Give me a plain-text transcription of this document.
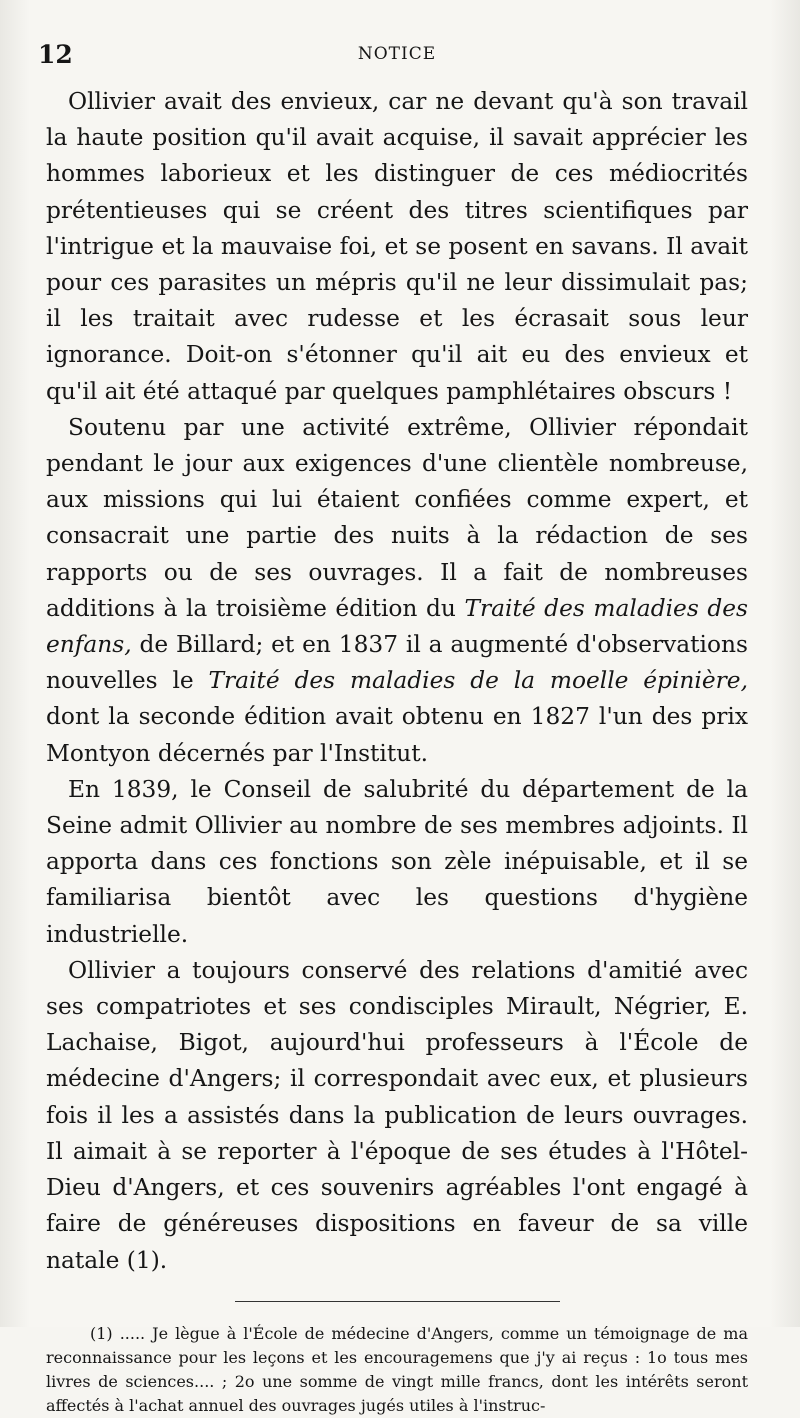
12	NOTICE

Ollivier avait des envieux, car ne devant qu'à son travail la haute position qu'il avait acquise, il savait apprécier les hommes laborieux et les distinguer de ces médiocrités prétentieuses qui se créent des titres scientifiques par l'intrigue et la mauvaise foi, et se posent en savans. Il avait pour ces parasites un mépris qu'il ne leur dissimulait pas; il les traitait avec rudesse et les écrasait sous leur ignorance. Doit-on s'étonner qu'il ait eu des envieux et qu'il ait été attaqué par quelques pamphlétaires obscurs !

Soutenu par une activité extrême, Ollivier répondait pendant le jour aux exigences d'une clientèle nombreuse, aux missions qui lui étaient confiées comme expert, et consacrait une partie des nuits à la rédaction de ses rapports ou de ses ouvrages. Il a fait de nombreuses additions à la troisième édition du Traité des maladies des enfans, de Billard; et en 1837 il a augmenté d'observations nouvelles le Traité des maladies de la moelle épinière, dont la seconde édition avait obtenu en 1827 l'un des prix Montyon décernés par l'Institut.

En 1839, le Conseil de salubrité du département de la Seine admit Ollivier au nombre de ses membres adjoints. Il apporta dans ces fonctions son zèle inépuisable, et il se familiarisa bientôt avec les questions d'hygiène industrielle.

Ollivier a toujours conservé des relations d'amitié avec ses compatriotes et ses condisciples Mirault, Négrier, E. Lachaise, Bigot, aujourd'hui professeurs à l'École de médecine d'Angers; il correspondait avec eux, et plusieurs fois il les a assistés dans la publication de leurs ouvrages. Il aimait à se reporter à l'époque de ses études à l'Hôtel-Dieu d'Angers, et ces souvenirs agréables l'ont engagé à faire de généreuses dispositions en faveur de sa ville natale (1).

(1) ..... Je lègue à l'École de médecine d'Angers, comme un témoignage de ma reconnaissance pour les leçons et les encouragemens que j'y ai reçus : 1o tous mes livres de sciences.... ; 2o une somme de vingt mille francs, dont les intérêts seront affectés à l'achat annuel des ouvrages jugés utiles à l'instruc-
